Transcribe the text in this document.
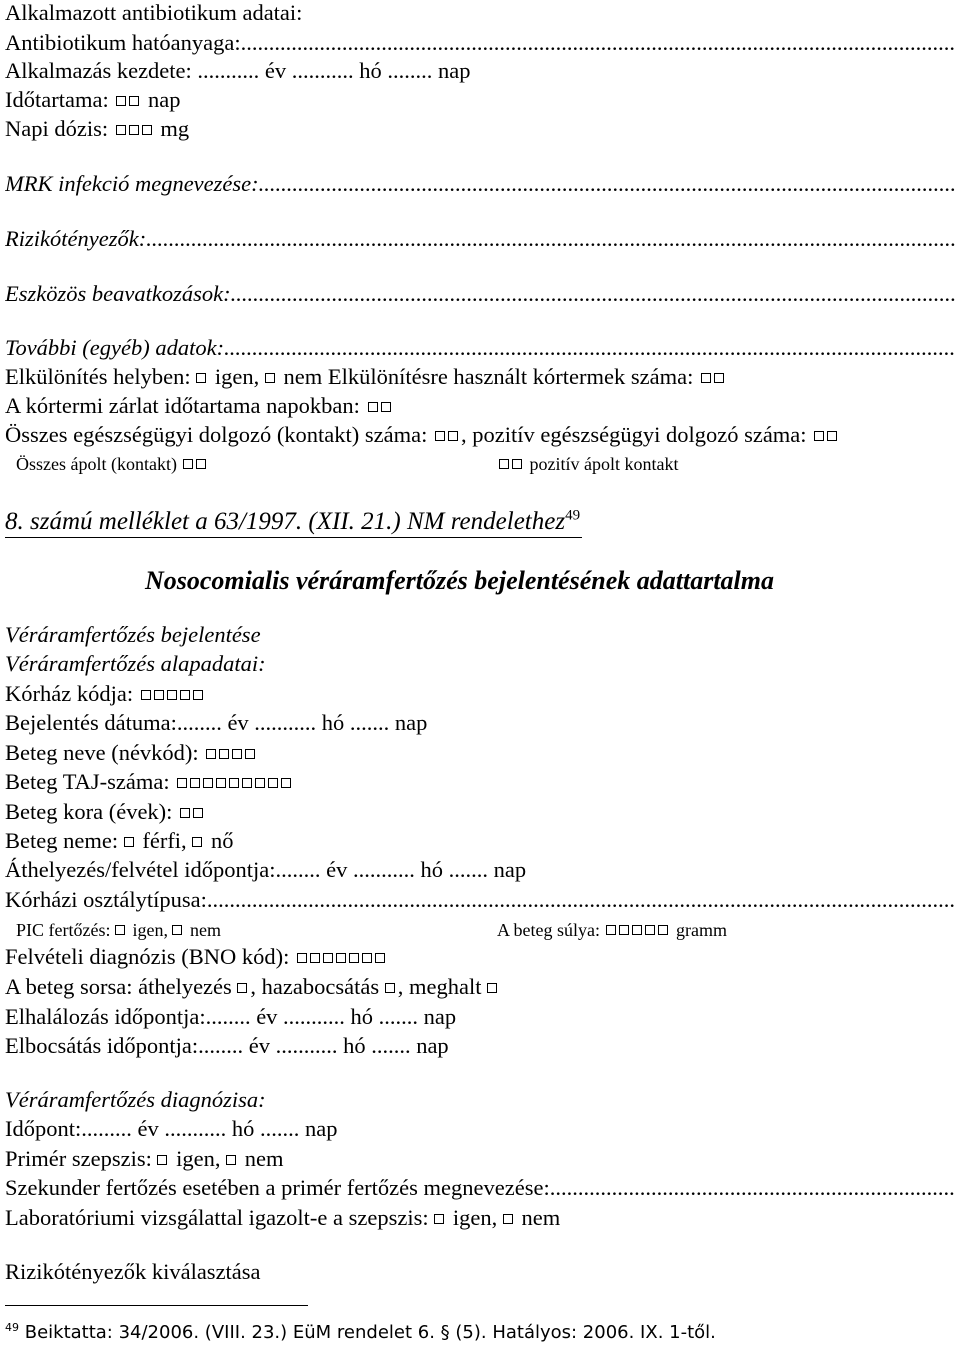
Alkalmazott antibiotikum adatai:
Antibiotikum hatóanyaga:
.....
Alkalmazás kezdete: ........... év ........... hó ........ nap
Időtartama: nap
Napi dózis: mg
MRK infekció megnevezése:
.....
Rizikótényezők:
.....
Eszközös beavatkozások:
.....
További (egyéb) adatok:
.....
Elkülönítés helyben: igen, nem Elkülönítésre használt kórtermek száma:
A kórtermi zárlat időtartama napokban:
Összes egészségügyi dolgozó (kontakt) száma: , pozitív egészségügyi dolgozó száma:
Összes ápolt (kontakt)	pozitív ápolt kontakt
8. számú melléklet a 63/1997. (XII. 21.) NM rendelethez$^{49}$
Nosocomialis véráramfertőzés bejelentésének adattartalma
Véráramfertőzés bejelentése
Véráramfertőzés alapadatai:
Kórház kódja:
Bejelentés dátuma:........ év ........... hó ....... nap
Beteg neve (névkód):
Beteg TAJ-száma:
Beteg kora (évek):
Beteg neme: férfi, nő
Áthelyezés/felvétel időpontja:........ év ........... hó ....... nap
Kórházi osztálytípusa:
.....
PIC fertőzés: igen, nem	A beteg súlya:	gramm
Felvételi diagnózis (BNO kód):
A beteg sorsa: áthelyezés , hazabocsátás , meghalt
Elhalálozás időpontja:........ év ........... hó ....... nap
Elbocsátás időpontja:........ év ........... hó ....... nap
Véráramfertőzés diagnózisa:
Időpont:......... év ........... hó ....... nap
Primér szepszis: igen, nem
Szekunder fertőzés esetében a primér fertőzés megnevezése:
.....
Laboratóriumi vizsgálattal igazolt-e a szepszis: igen, nem
Rizikótényezők kiválasztása
$^{49}$ Beiktatta: 34/2006. (VIII. 23.) EüM rendelet 6. § (5). Hatályos: 2006. IX. 1-től.
